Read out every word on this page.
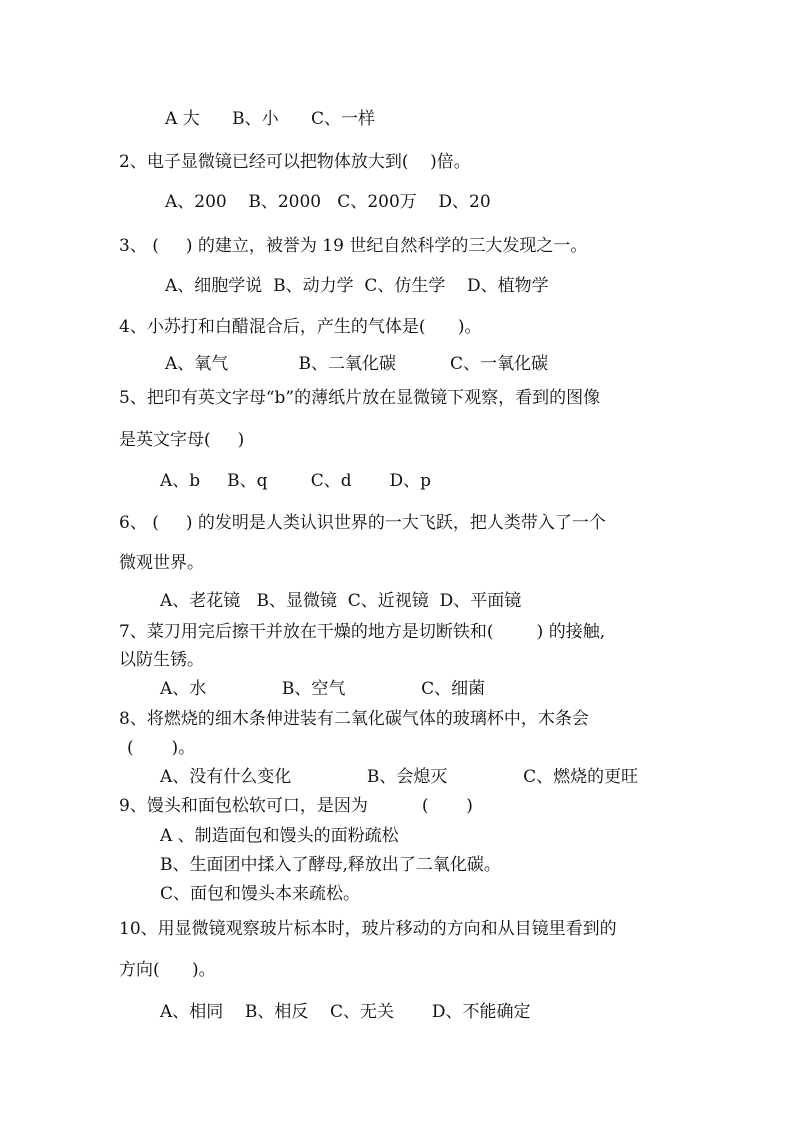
A 大      B、小      C、一样
2、电子显微镜已经可以把物体放大到(    )倍。
A、200    B、2000   C、200万    D、20
3、 (     ) 的建立，被誉为 19 世纪自然科学的三大发现之一。
A、细胞学说  B、动力学  C、仿生学    D、植物学
4、小苏打和白醋混合后，产生的气体是(      )。
A、氧气             B、二氧化碳          C、一氧化碳
5、把印有英文字母“b”的薄纸片放在显微镜下观察，看到的图像
是英文字母(     )
A、b     B、q        C、d       D、p
6、 (     ) 的发明是人类认识世界的一大飞跃，把人类带入了一个
微观世界。
A、老花镜   B、显微镜  C、近视镜  D、平面镜
7、菜刀用完后擦干并放在干燥的地方是切断铁和(        ) 的接触,
以防生锈。
A、水              B、空气              C、细菌
8、将燃烧的细木条伸进装有二氧化碳气体的玻璃杯中，木条会
(       )。
A、没有什么变化              B、会熄灭              C、燃烧的更旺
9、馒头和面包松软可口，是因为          (       )
A 、制造面包和馒头的面粉疏松
B、生面团中揉入了酵母,释放出了二氧化碳。
C、面包和馒头本来疏松。
10、用显微镜观察玻片标本时，玻片移动的方向和从目镜里看到的
方向(      )。
A、相同    B、相反    C、无关       D、不能确定
